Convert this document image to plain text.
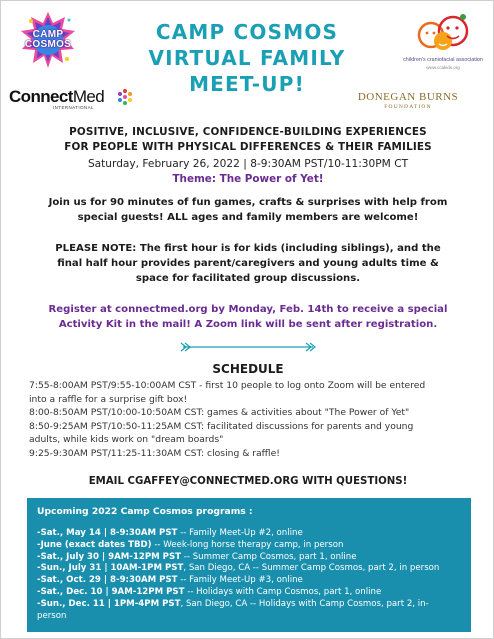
CAMP
COSMOS
CAMP COSMOS
VIRTUAL FAMILY
MEET-UP!
children's craniofacial association
www.ccakids.org
ConnectMed
INTERNATIONAL
DONEGAN BURNS
FOUNDATION
POSITIVE, INCLUSIVE, CONFIDENCE-BUILDING EXPERIENCES
FOR PEOPLE WITH PHYSICAL DIFFERENCES & THEIR FAMILIES
Saturday, February 26, 2022 | 8-9:30AM PST/10-11:30PM CT
Theme: The Power of Yet!
Join us for 90 minutes of fun games, crafts & surprises with help from
special guests! ALL ages and family members are welcome!
PLEASE NOTE: The first hour is for kids (including siblings), and the
final half hour provides parent/caregivers and young adults time &
space for facilitated group discussions.
Register at connectmed.org by Monday, Feb. 14th to receive a special
Activity Kit in the mail! A Zoom link will be sent after registration.
SCHEDULE
7:55-8:00AM PST/9:55-10:00AM CST - first 10 people to log onto Zoom will be entered
into a raffle for a surprise gift box!
8:00-8:50AM PST/10:00-10:50AM CST: games & activities about "The Power of Yet"
8:50-9:25AM PST/10:50-11:25AM CST: facilitated discussions for parents and young
adults, while kids work on "dream boards"
9:25-9:30AM PST/11:25-11:30AM CST: closing & raffle!
EMAIL CGAFFEY@CONNECTMED.ORG WITH QUESTIONS!
Upcoming 2022 Camp Cosmos programs :
-Sat., May 14 | 8-9:30AM PST -- Family Meet-Up #2, online
-June (exact dates TBD) -- Week-long horse therapy camp, in person
-Sat., July 30 | 9AM-12PM PST -- Summer Camp Cosmos, part 1, online
-Sun., July 31 | 10AM-1PM PST, San Diego, CA -- Summer Camp Cosmos, part 2, in person
-Sat., Oct. 29 | 8-9:30AM PST -- Family Meet-Up #3, online
-Sat., Dec. 10 | 9AM-12PM PST -- Holidays with Camp Cosmos, part 1, online
-Sun., Dec. 11 | 1PM-4PM PST, San Diego, CA -- Holidays with Camp Cosmos, part 2, in-
person
